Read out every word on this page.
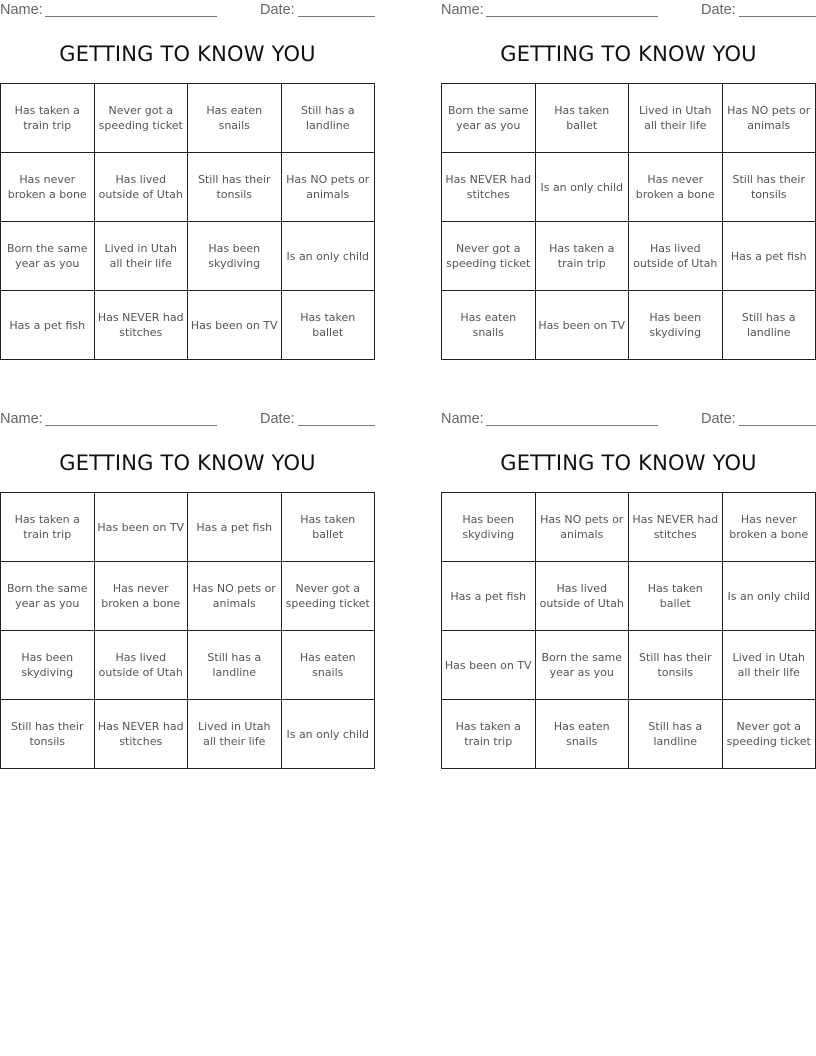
Name:	Date:
GETTING TO KNOW YOU
Has taken a train trip	Never got a speeding ticket	Has eaten snails	Still has a landline
Has never broken a bone	Has lived outside of Utah	Still has their tonsils	Has NO pets or animals
Born the same year as you	Lived in Utah all their life	Has been skydiving	Is an only child
Has a pet fish	Has NEVER had stitches	Has been on TV	Has taken ballet
Name:	Date:
GETTING TO KNOW YOU
Born the same year as you	Has taken ballet	Lived in Utah all their life	Has NO pets or animals
Has NEVER had stitches	Is an only child	Has never broken a bone	Still has their tonsils
Never got a speeding ticket	Has taken a train trip	Has lived outside of Utah	Has a pet fish
Has eaten snails	Has been on TV	Has been skydiving	Still has a landline
Name:	Date:
GETTING TO KNOW YOU
Has taken a train trip	Has been on TV	Has a pet fish	Has taken ballet
Born the same year as you	Has never broken a bone	Has NO pets or animals	Never got a speeding ticket
Has been skydiving	Has lived outside of Utah	Still has a landline	Has eaten snails
Still has their tonsils	Has NEVER had stitches	Lived in Utah all their life	Is an only child
Name:	Date:
GETTING TO KNOW YOU
Has been skydiving	Has NO pets or animals	Has NEVER had stitches	Has never broken a bone
Has a pet fish	Has lived outside of Utah	Has taken ballet	Is an only child
Has been on TV	Born the same year as you	Still has their tonsils	Lived in Utah all their life
Has taken a train trip	Has eaten snails	Still has a landline	Never got a speeding ticket
